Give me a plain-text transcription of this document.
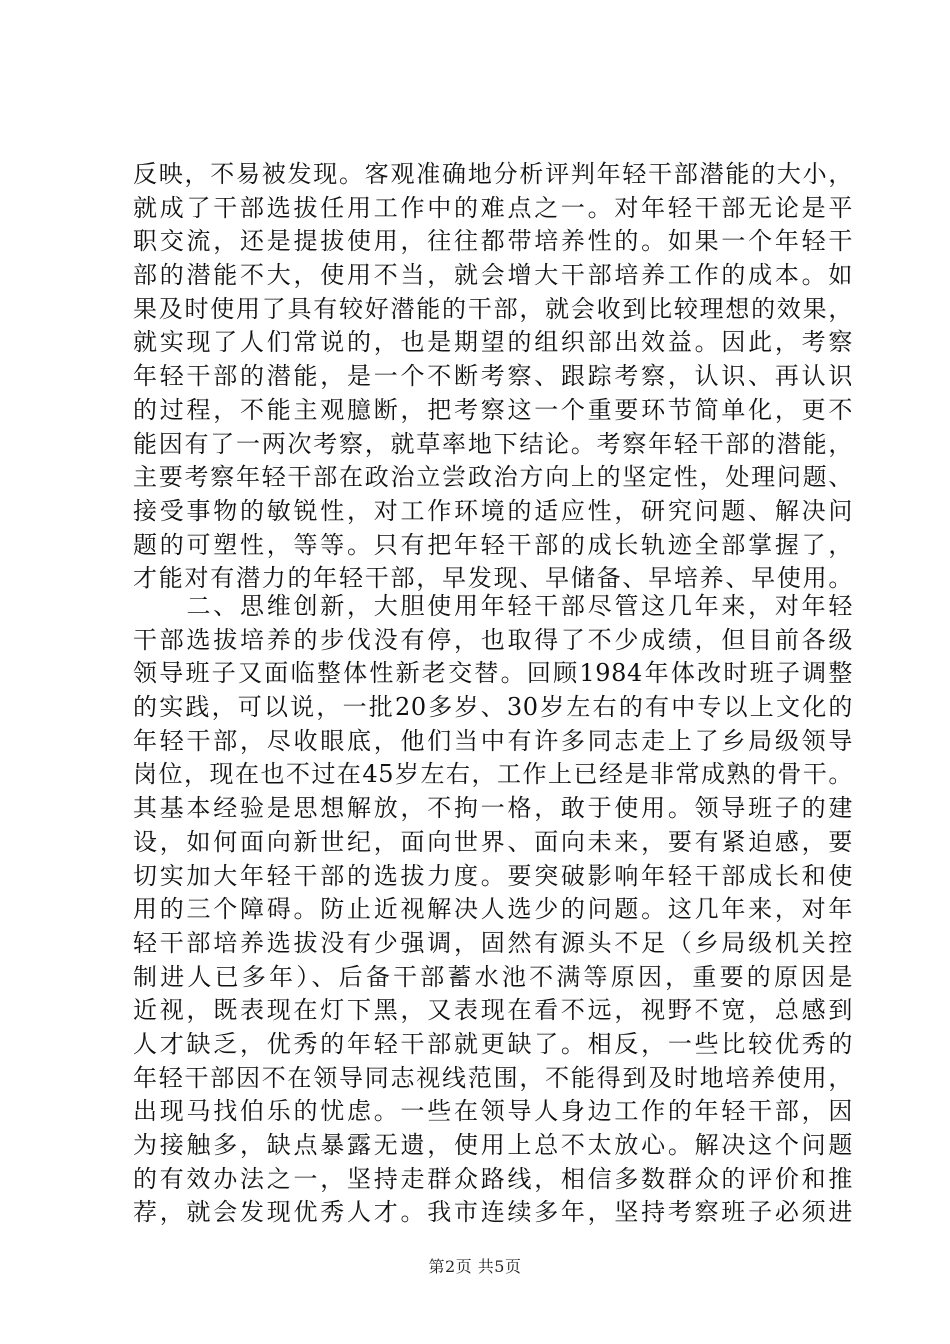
反映，不易被发现。客观准确地分析评判年轻干部潜能的大小，
就成了干部选拔任用工作中的难点之一。对年轻干部无论是平
职交流，还是提拔使用，往往都带培养性的。如果一个年轻干
部的潜能不大，使用不当，就会增大干部培养工作的成本。如
果及时使用了具有较好潜能的干部，就会收到比较理想的效果，
就实现了人们常说的，也是期望的组织部出效益。因此，考察
年轻干部的潜能，是一个不断考察、跟踪考察，认识、再认识
的过程，不能主观臆断，把考察这一个重要环节简单化，更不
能因有了一两次考察，就草率地下结论。考察年轻干部的潜能，
主要考察年轻干部在政治立尝政治方向上的坚定性，处理问题、
接受事物的敏锐性，对工作环境的适应性，研究问题、解决问
题的可塑性，等等。只有把年轻干部的成长轨迹全部掌握了，
才能对有潜力的年轻干部，早发现、早储备、早培养、早使用。
　　二、思维创新，大胆使用年轻干部尽管这几年来，对年轻
干部选拔培养的步伐没有停，也取得了不少成绩，但目前各级
领导班子又面临整体性新老交替。回顾1984年体改时班子调整
的实践，可以说，一批20多岁、30岁左右的有中专以上文化的
年轻干部，尽收眼底，他们当中有许多同志走上了乡局级领导
岗位，现在也不过在45岁左右，工作上已经是非常成熟的骨干。
其基本经验是思想解放，不拘一格，敢于使用。领导班子的建
设，如何面向新世纪，面向世界、面向未来，要有紧迫感，要
切实加大年轻干部的选拔力度。要突破影响年轻干部成长和使
用的三个障碍。防止近视解决人选少的问题。这几年来，对年
轻干部培养选拔没有少强调，固然有源头不足（乡局级机关控
制进人已多年）、后备干部蓄水池不满等原因，重要的原因是
近视，既表现在灯下黑，又表现在看不远，视野不宽，总感到
人才缺乏，优秀的年轻干部就更缺了。相反，一些比较优秀的
年轻干部因不在领导同志视线范围，不能得到及时地培养使用，
出现马找伯乐的忧虑。一些在领导人身边工作的年轻干部，因
为接触多，缺点暴露无遗，使用上总不太放心。解决这个问题
的有效办法之一，坚持走群众路线，相信多数群众的评价和推
荐，就会发现优秀人才。我市连续多年，坚持考察班子必须进
第2页 共5页
